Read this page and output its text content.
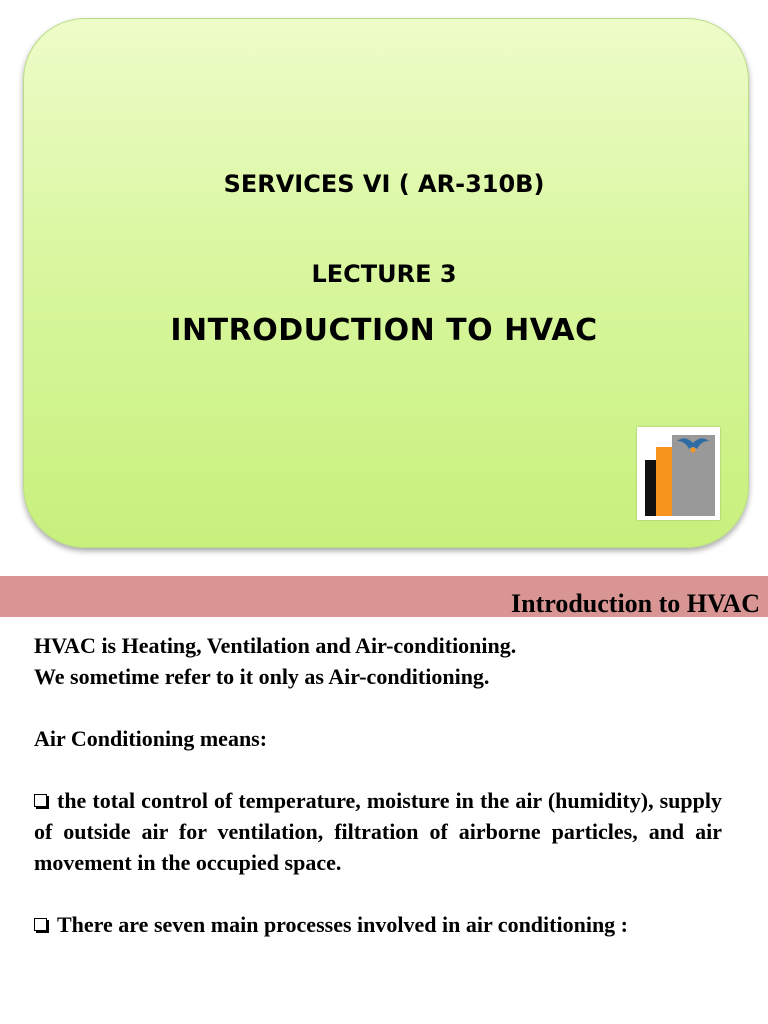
SERVICES VI ( AR-310B)
LECTURE 3
INTRODUCTION TO HVAC
Introduction to HVAC

HVAC is Heating, Ventilation and Air-conditioning.

We sometime refer to it only as Air-conditioning.

Air Conditioning means:

the total control of temperature, moisture in the air (humidity), supply of outside air for ventilation, filtration of airborne particles, and air movement in the occupied space.

There are seven main processes involved in air conditioning :
